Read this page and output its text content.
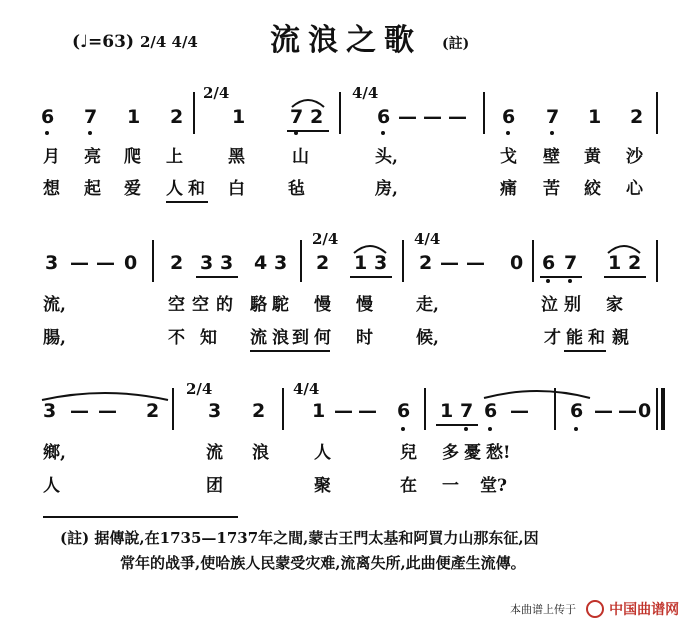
(♩=63) 2/4 4/4 流浪之歌 (註)
2/4	4/4
6 7 1 2	1 7 2	6 — — — 6 7 1 2
月 亮 爬 上	黑	山	头,	戈 壁 黄 沙
想 起 爱 人 和 白	毡	房,	痛 苦 絞 心
2/4	4/4
3 — — 0 2 3 3 4 3 2 1 3 2 — — 0 6 7 1 2
流,	空 空 的 駱 駝 慢 慢	走,	泣 别 家
腸,	不 知 流 浪 到 何 时	候,	才 能 和 親
2/4	4/4
3 — — 2	3 2 1 — — 6 1 7 6 — 6 — — 0
鄉,	流 浪	人	兒 多 憂 愁!
人	团	聚	在 一 堂?
(註) 据傳說,在1735—1737年之間,蒙古王門太基和阿買力山那东征,因
常年的战爭,使哈族人民蒙受灾难,流离失所,此曲便產生流傳。
本曲谱上传于	中国曲谱网
